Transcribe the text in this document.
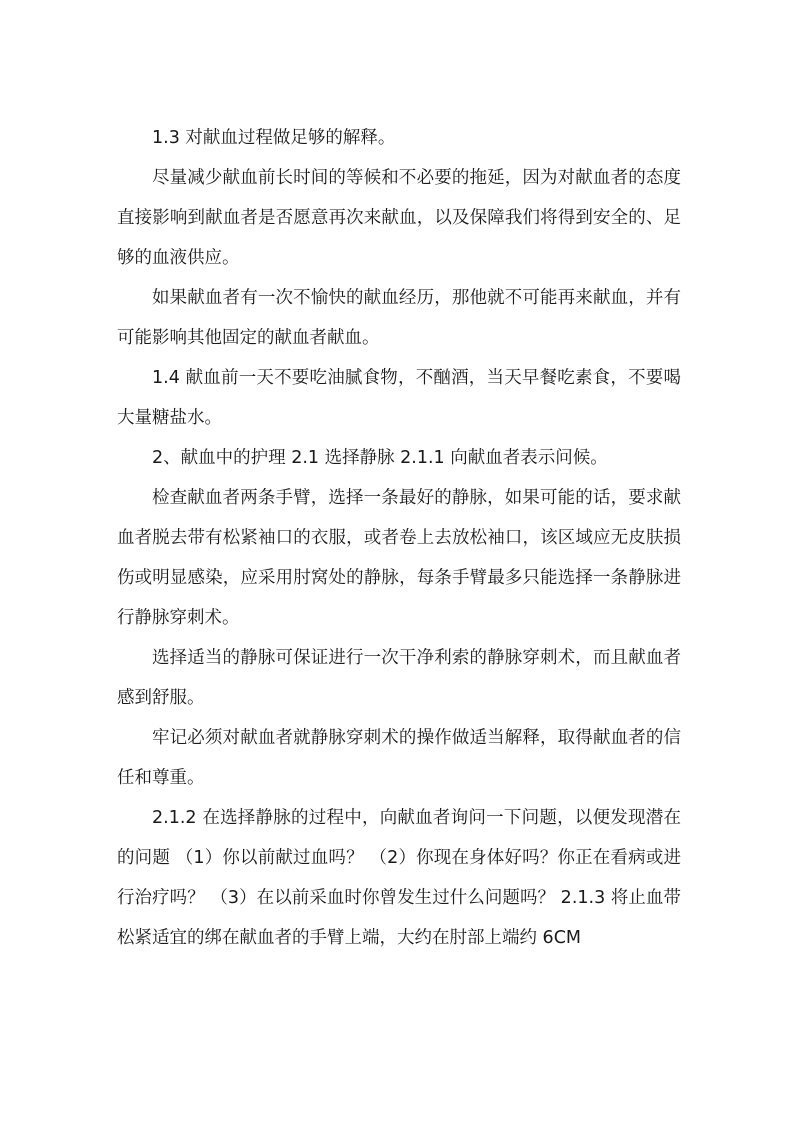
1.3 对献血过程做足够的解释。

尽量减少献血前长时间的等候和不必要的拖延，因为对献血者的态度直接影响到献血者是否愿意再次来献血，以及保障我们将得到安全的、足够的血液供应。

如果献血者有一次不愉快的献血经历，那他就不可能再来献血，并有可能影响其他固定的献血者献血。

1.4 献血前一天不要吃油腻食物，不酗酒，当天早餐吃素食，不要喝大量糖盐水。

2、献血中的护理 2.1 选择静脉 2.1.1 向献血者表示问候。

检查献血者两条手臂，选择一条最好的静脉，如果可能的话，要求献血者脱去带有松紧袖口的衣服，或者卷上去放松袖口，该区域应无皮肤损伤或明显感染，应采用肘窝处的静脉，每条手臂最多只能选择一条静脉进行静脉穿刺术。

选择适当的静脉可保证进行一次干净利索的静脉穿刺术，而且献血者感到舒服。

牢记必须对献血者就静脉穿刺术的操作做适当解释，取得献血者的信任和尊重。

2.1.2 在选择静脉的过程中，向献血者询问一下问题，以便发现潜在的问题 （1）你以前献过血吗？ （2）你现在身体好吗？你正在看病或进行治疗吗？ （3）在以前采血时你曾发生过什么问题吗？ 2.1.3 将止血带松紧适宜的绑在献血者的手臂上端，大约在肘部上端约 6CM
